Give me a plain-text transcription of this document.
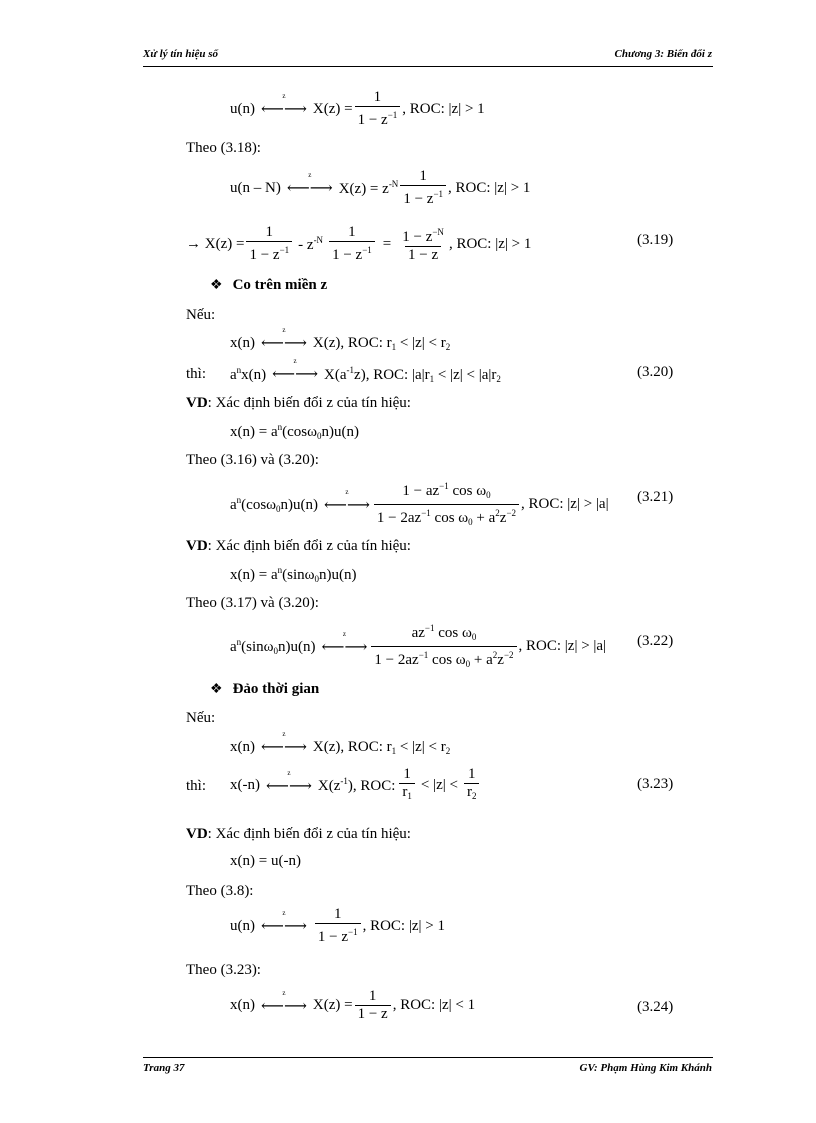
Xử lý tín hiệu số	Chương 3: Biến đổi z
u(n)
z
⟵⟶ $X(z) = \frac{1}{1 - z^{-1}}$ , ROC: |z| > 1
Theo (3.18):
u(n – N)
z
⟵⟶ $X(z) = z^{-N} \frac{1}{1 - z^{-1}}$ , ROC: |z| > 1
→ $X(z) = \frac{1}{1 - z^{-1}} - z^{-N} \frac{1}{1 - z^{-1}} = \frac{1 - z^{-N}}{1 - z}$ , ROC: |z| > 1	(3.19)
❖ Co trên miền z
Nếu:
x(n)
z
⟵⟶ X(z), ROC: $r_1 < |z| < r_2$
thì: $a^nx(n)$
z
⟵⟶ $X(a^{-1}z)$, ROC: $|a|r_1 < |z| < |a|r_2$	(3.20)
VD: Xác định biến đổi z của tín hiệu:
$x(n) = a^n(\cos\omega_0n)u(n)$
Theo (3.16) và (3.20):
$a^n(\cos\omega_0n)u(n)$
z
⟵⟶ $\frac{1 - az^{-1} \cos \omega_0}{1 - 2az^{-1} \cos \omega_0 + a^2z^{-2}}$ , ROC: |z| > |a| (3.21)
VD: Xác định biến đổi z của tín hiệu:
$x(n) = a^n(\sin\omega_0n)u(n)$
Theo (3.17) và (3.20):
$a^n(\sin\omega_0n)u(n)$
z
⟵⟶ $\frac{az^{-1} \cos \omega_0}{1 - 2az^{-1} \cos \omega_0 + a^2z^{-2}}$ , ROC: |z| > |a| (3.22)
❖ Đảo thời gian
Nếu:
x(n)
z
⟵⟶ X(z), ROC: $r_1 < |z| < r_2$
thì: x(-n)
z
⟵⟶ $X(z^{-1})$, ROC: $\frac{1}{r_1} < |z| < \frac{1}{r_2}$	(3.23)
VD: Xác định biến đổi z của tín hiệu:
x(n) = u(-n)
Theo (3.8):
u(n)
z
⟵⟶ $\frac{1}{1 - z^{-1}}$ , ROC: |z| > 1
Theo (3.23):
x(n)
z
⟵⟶ $X(z) = \frac{1}{1 - z}$ , ROC: |z| < 1	(3.24)
Trang 37	GV: Phạm Hùng Kim Khánh
